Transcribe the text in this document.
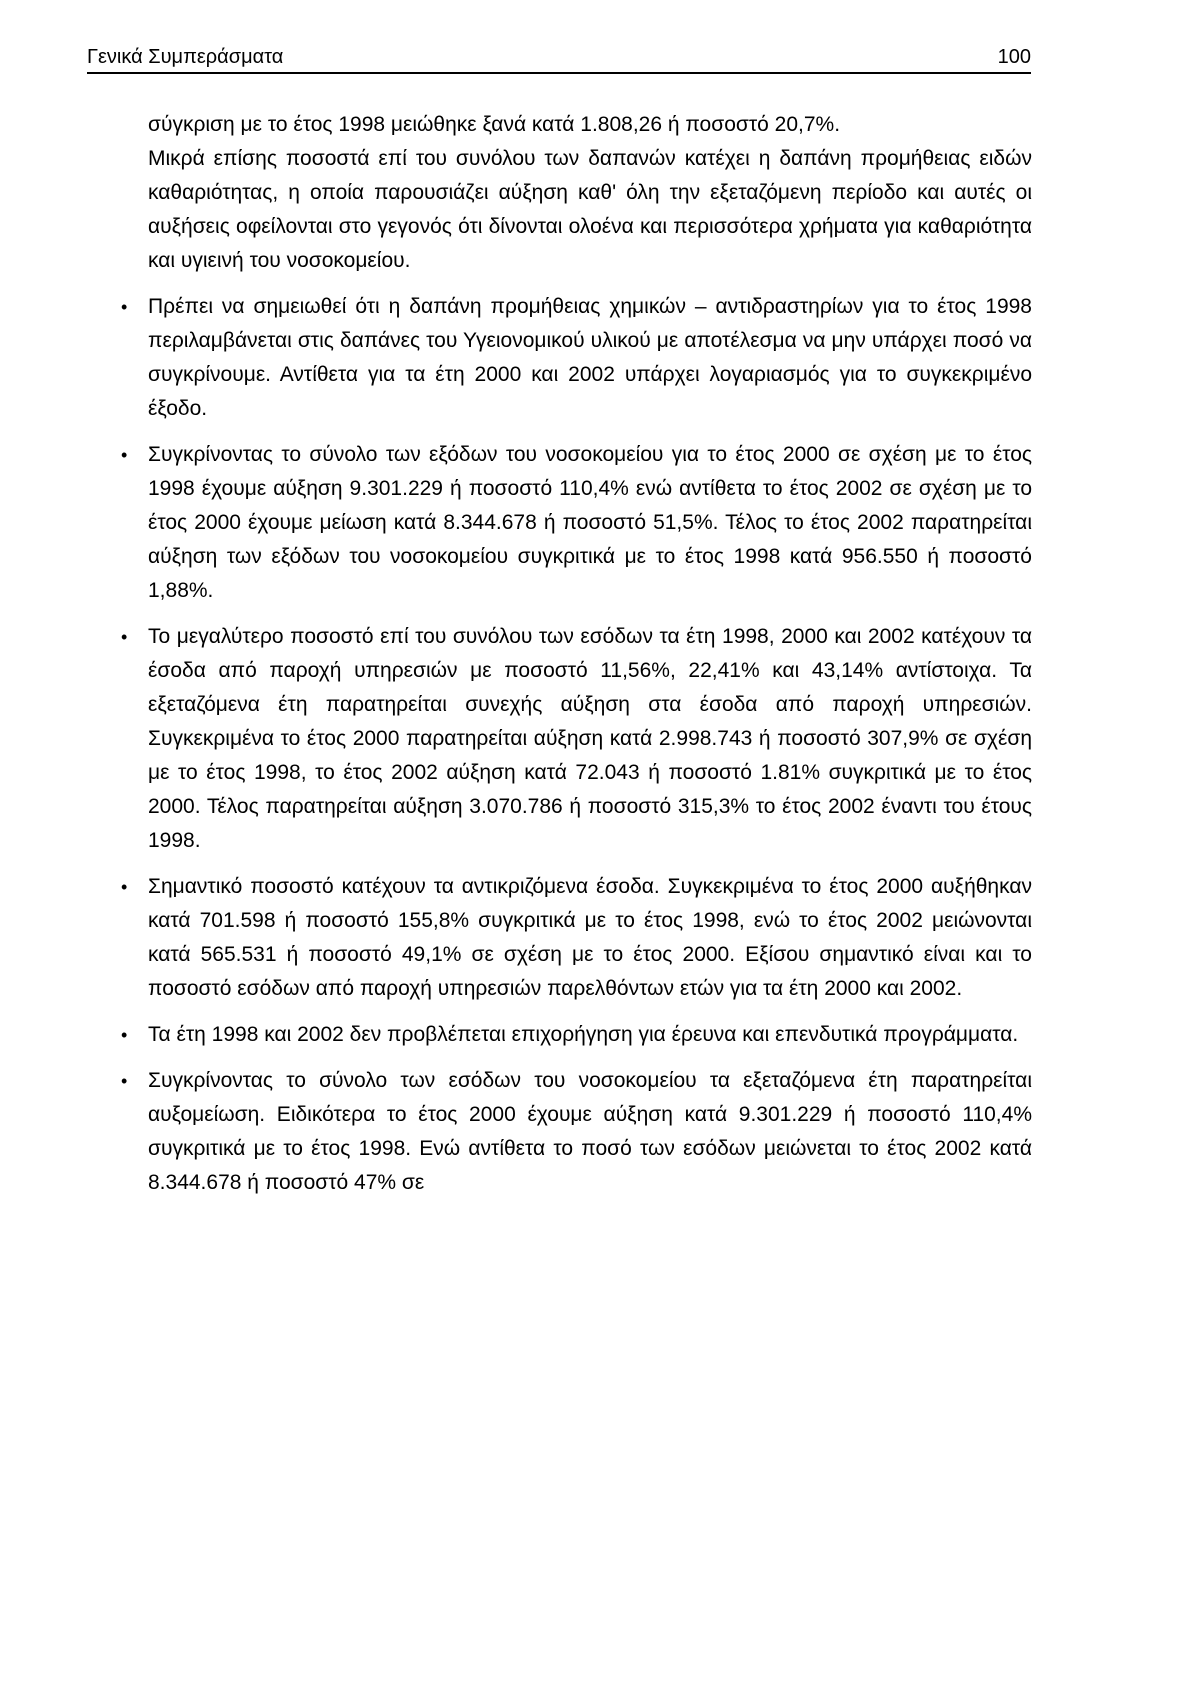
Γενικά Συμπεράσματα	100

σύγκριση με το έτος 1998 μειώθηκε ξανά κατά 1.808,26 ή ποσοστό 20,7%.

Μικρά επίσης ποσοστά επί του συνόλου των δαπανών κατέχει η δαπάνη προμήθειας ειδών καθαριότητας, η οποία παρουσιάζει αύξηση καθ' όλη την εξεταζόμενη περίοδο και αυτές οι αυξήσεις οφείλονται στο γεγονός ότι δίνονται ολοένα και περισσότερα χρήματα για καθαριότητα και υγιεινή του νοσοκομείου.

• Πρέπει να σημειωθεί ότι η δαπάνη προμήθειας χημικών – αντιδραστηρίων για το έτος 1998 περιλαμβάνεται στις δαπάνες του Υγειονομικού υλικού με αποτέλεσμα να μην υπάρχει ποσό να συγκρίνουμε. Αντίθετα για τα έτη 2000 και 2002 υπάρχει λογαριασμός για το συγκεκριμένο έξοδο.

• Συγκρίνοντας το σύνολο των εξόδων του νοσοκομείου για το έτος 2000 σε σχέση με το έτος 1998 έχουμε αύξηση 9.301.229 ή ποσοστό 110,4% ενώ αντίθετα το έτος 2002 σε σχέση με το έτος 2000 έχουμε μείωση κατά 8.344.678 ή ποσοστό 51,5%. Τέλος το έτος 2002 παρατηρείται αύξηση των εξόδων του νοσοκομείου συγκριτικά με το έτος 1998 κατά 956.550 ή ποσοστό 1,88%.

• Το μεγαλύτερο ποσοστό επί του συνόλου των εσόδων τα έτη 1998, 2000 και 2002 κατέχουν τα έσοδα από παροχή υπηρεσιών με ποσοστό 11,56%, 22,41% και 43,14% αντίστοιχα. Τα εξεταζόμενα έτη παρατηρείται συνεχής αύξηση στα έσοδα από παροχή υπηρεσιών. Συγκεκριμένα το έτος 2000 παρατηρείται αύξηση κατά 2.998.743 ή ποσοστό 307,9% σε σχέση με το έτος 1998, το έτος 2002 αύξηση κατά 72.043 ή ποσοστό 1.81% συγκριτικά με το έτος 2000. Τέλος παρατηρείται αύξηση 3.070.786 ή ποσοστό 315,3% το έτος 2002 έναντι του έτους 1998.

• Σημαντικό ποσοστό κατέχουν τα αντικριζόμενα έσοδα. Συγκεκριμένα το έτος 2000 αυξήθηκαν κατά 701.598 ή ποσοστό 155,8% συγκριτικά με το έτος 1998, ενώ το έτος 2002 μειώνονται κατά 565.531 ή ποσοστό 49,1% σε σχέση με το έτος 2000. Εξίσου σημαντικό είναι και το ποσοστό εσόδων από παροχή υπηρεσιών παρελθόντων ετών για τα έτη 2000 και 2002.

• Τα έτη 1998 και 2002 δεν προβλέπεται επιχορήγηση για έρευνα και επενδυτικά προγράμματα.

• Συγκρίνοντας το σύνολο των εσόδων του νοσοκομείου τα εξεταζόμενα έτη παρατηρείται αυξομείωση. Ειδικότερα το έτος 2000 έχουμε αύξηση κατά 9.301.229 ή ποσοστό 110,4% συγκριτικά με το έτος 1998. Ενώ αντίθετα το ποσό των εσόδων μειώνεται το έτος 2002 κατά 8.344.678 ή ποσοστό 47% σε
